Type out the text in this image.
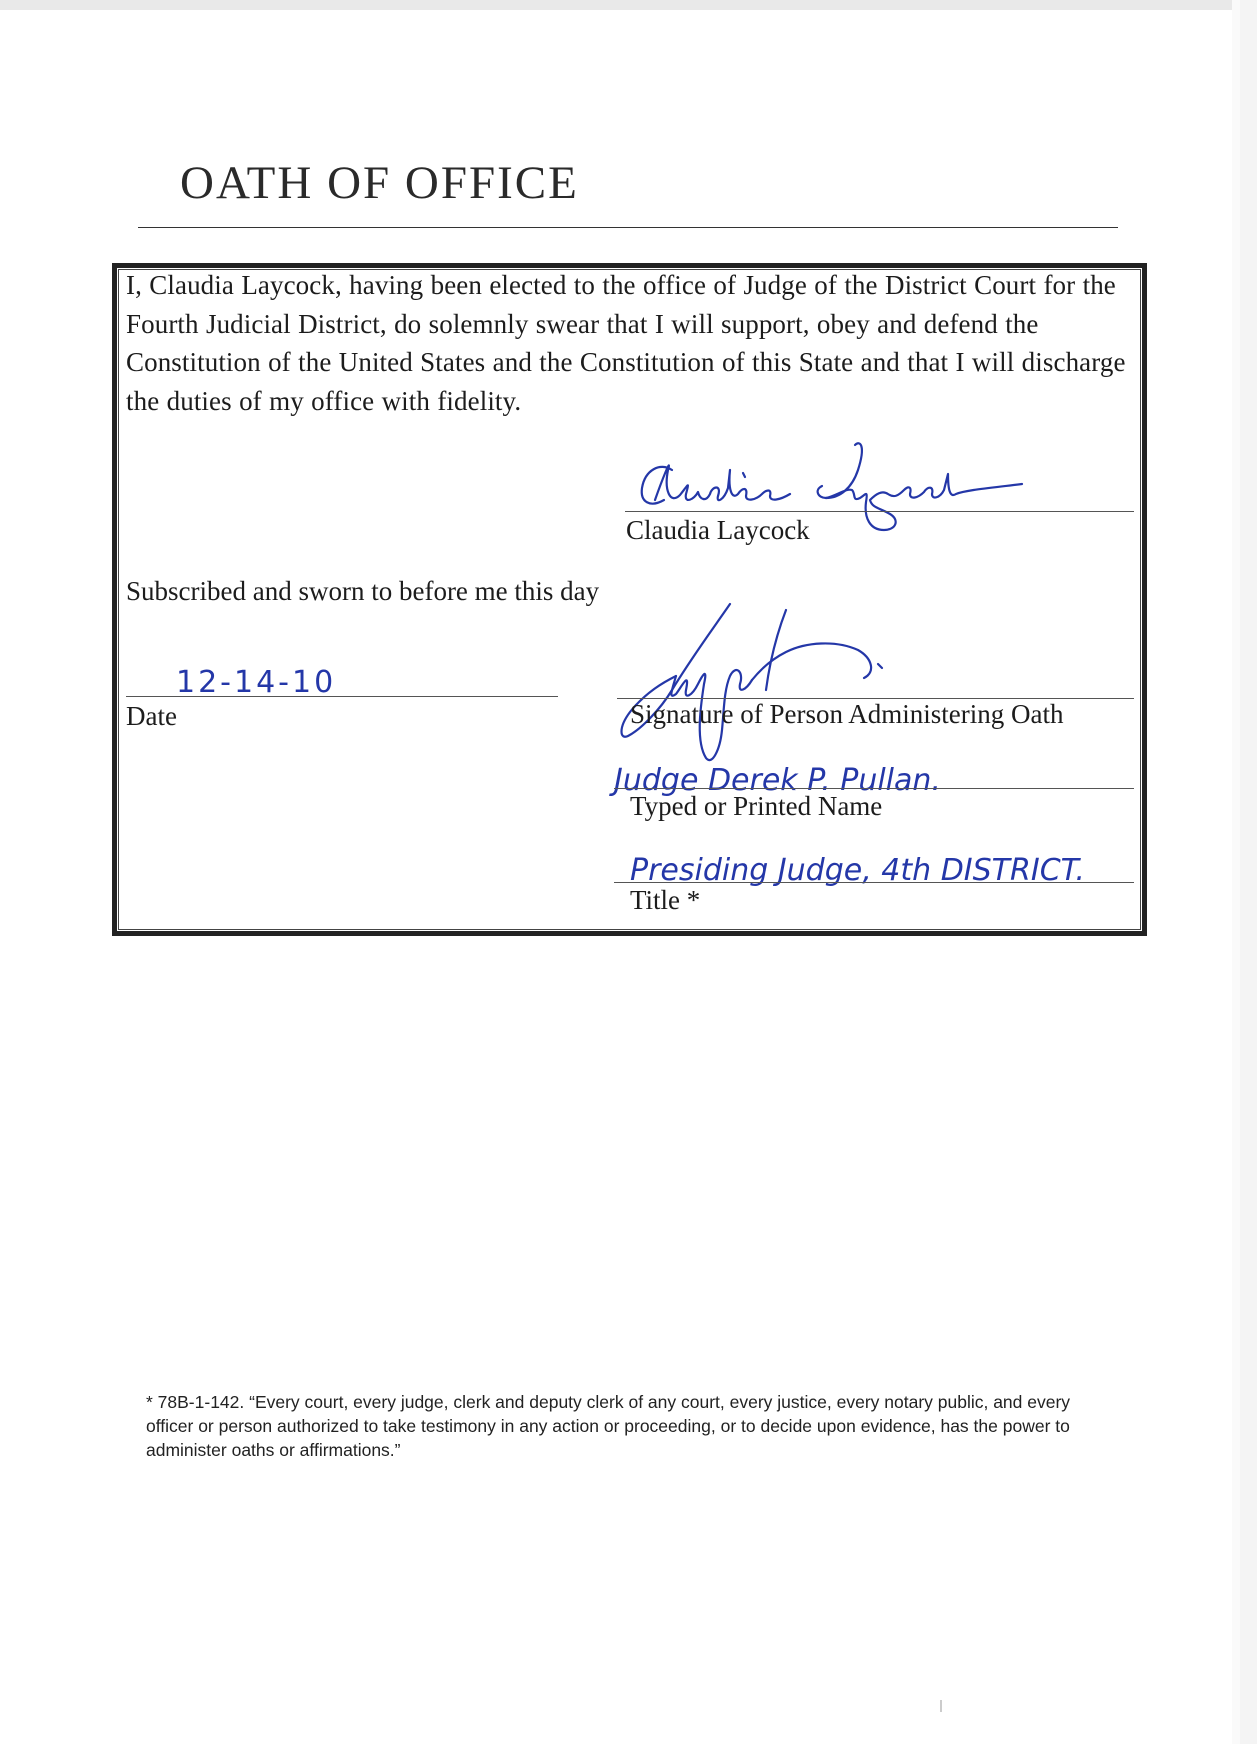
OATH OF OFFICE

I, Claudia Laycock, having been elected to the office of Judge of the District Court for the Fourth Judicial District, do solemnly swear that I will support, obey and defend the Constitution of the United States and the Constitution of this State and that I will discharge the duties of my office with fidelity.

Claudia Laycock
Subscribed and sworn to before me this day
12-14-10
Date	Signature of Person Administering Oath
Judge Derek P. Pullan.
Typed or Printed Name
Presiding Judge, 4th DISTRICT.
Title *

* 78B-1-142. “Every court, every judge, clerk and deputy clerk of any court, every justice, every notary public, and every officer or person authorized to take testimony in any action or proceeding, or to decide upon evidence, has the power to administer oaths or affirmations.”
